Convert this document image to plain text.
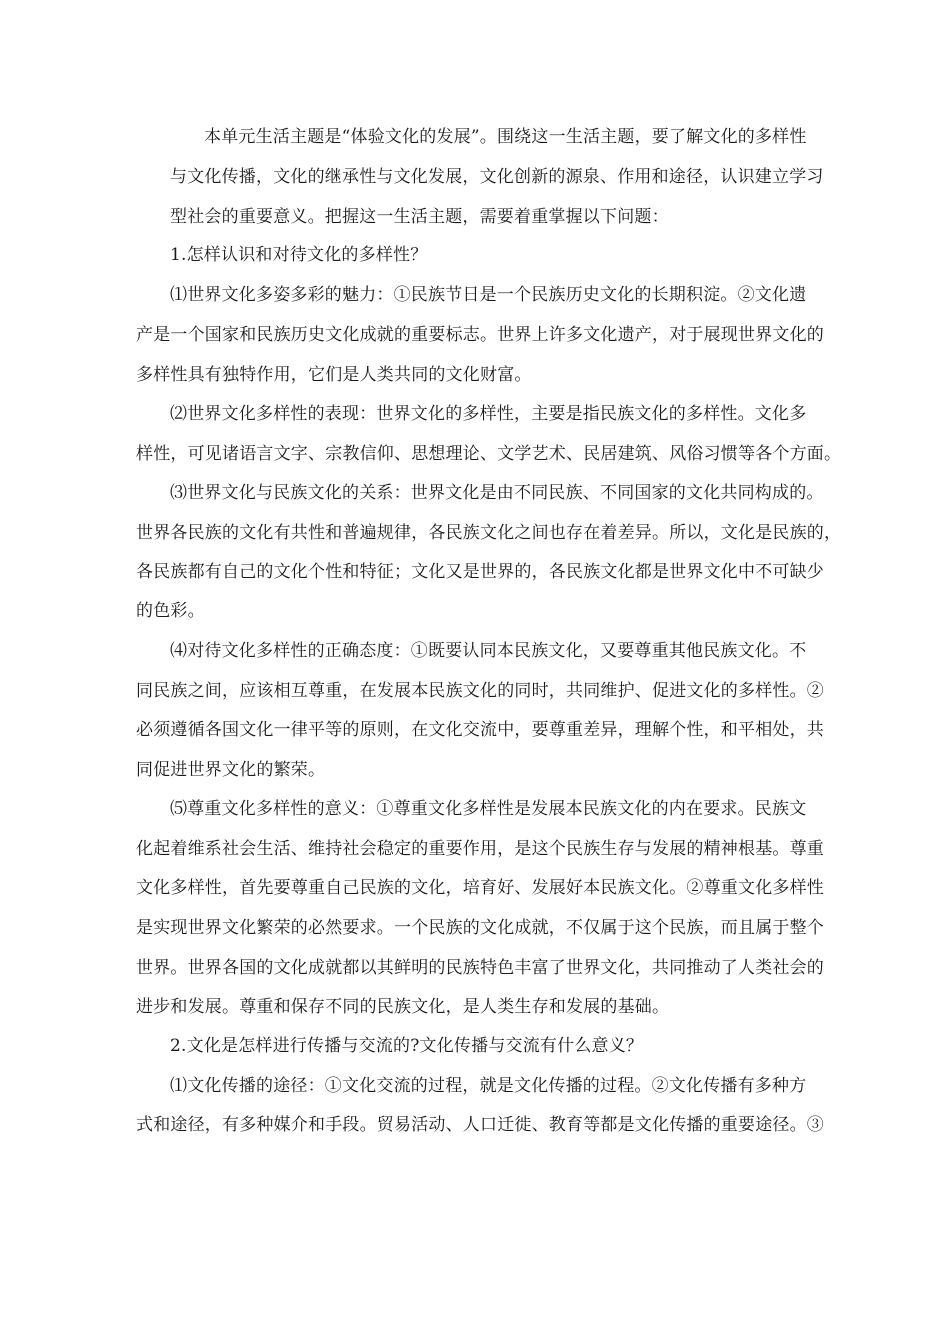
本单元生活主题是“体验文化的发展”。围绕这一生活主题，要了解文化的多样性
与文化传播，文化的继承性与文化发展，文化创新的源泉、作用和途径，认识建立学习
型社会的重要意义。把握这一生活主题，需要着重掌握以下问题：
1.怎样认识和对待文化的多样性？
⑴世界文化多姿多彩的魅力：①民族节日是一个民族历史文化的长期积淀。②文化遗
产是一个国家和民族历史文化成就的重要标志。世界上许多文化遗产，对于展现世界文化的
多样性具有独特作用，它们是人类共同的文化财富。
⑵世界文化多样性的表现：世界文化的多样性，主要是指民族文化的多样性。文化多
样性，可见诸语言文字、宗教信仰、思想理论、文学艺术、民居建筑、风俗习惯等各个方面。
⑶世界文化与民族文化的关系：世界文化是由不同民族、不同国家的文化共同构成的。
世界各民族的文化有共性和普遍规律，各民族文化之间也存在着差异。所以，文化是民族的，
各民族都有自己的文化个性和特征；文化又是世界的，各民族文化都是世界文化中不可缺少
的色彩。
⑷对待文化多样性的正确态度：①既要认同本民族文化，又要尊重其他民族文化。不
同民族之间，应该相互尊重，在发展本民族文化的同时，共同维护、促进文化的多样性。②
必须遵循各国文化一律平等的原则，在文化交流中，要尊重差异，理解个性，和平相处，共
同促进世界文化的繁荣。
⑸尊重文化多样性的意义：①尊重文化多样性是发展本民族文化的内在要求。民族文
化起着维系社会生活、维持社会稳定的重要作用，是这个民族生存与发展的精神根基。尊重
文化多样性，首先要尊重自己民族的文化，培育好、发展好本民族文化。②尊重文化多样性
是实现世界文化繁荣的必然要求。一个民族的文化成就，不仅属于这个民族，而且属于整个
世界。世界各国的文化成就都以其鲜明的民族特色丰富了世界文化，共同推动了人类社会的
进步和发展。尊重和保存不同的民族文化，是人类生存和发展的基础。
2.文化是怎样进行传播与交流的?文化传播与交流有什么意义？
⑴文化传播的途径：①文化交流的过程，就是文化传播的过程。②文化传播有多种方
式和途径，有多种媒介和手段。贸易活动、人口迁徙、教育等都是文化传播的重要途径。③
